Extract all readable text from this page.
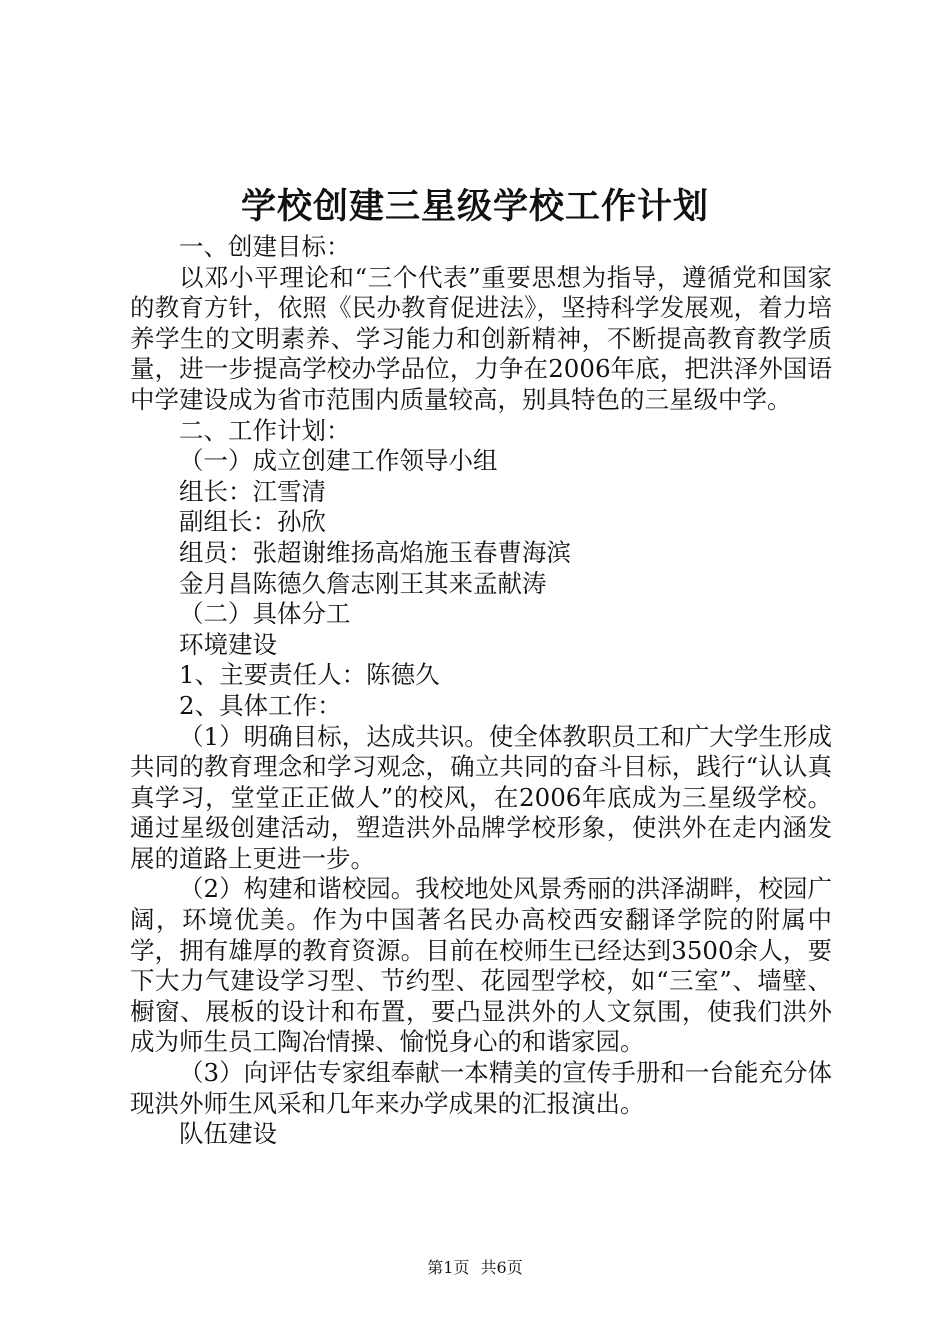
学校创建三星级学校工作计划

一、创建目标：

以邓小平理论和“三个代表”重要思想为指导，遵循党和国家的教育方针，依照《民办教育促进法》，坚持科学发展观，着力培养学生的文明素养、学习能力和创新精神，不断提高教育教学质量，进一步提高学校办学品位，力争在2006年底，把洪泽外国语中学建设成为省市范围内质量较高，别具特色的三星级中学。

二、工作计划：

（一）成立创建工作领导小组

组长：江雪清

副组长：孙欣

组员：张超谢维扬高焰施玉春曹海滨

金月昌陈德久詹志刚王其来孟献涛

（二）具体分工

环境建设

1、主要责任人：陈德久

2、具体工作：

（1）明确目标，达成共识。使全体教职员工和广大学生形成共同的教育理念和学习观念，确立共同的奋斗目标，践行“认认真真学习，堂堂正正做人”的校风，在2006年底成为三星级学校。通过星级创建活动，塑造洪外品牌学校形象，使洪外在走内涵发展的道路上更进一步。

（2）构建和谐校园。我校地处风景秀丽的洪泽湖畔，校园广阔，环境优美。作为中国著名民办高校西安翻译学院的附属中学，拥有雄厚的教育资源。目前在校师生已经达到3500余人，要下大力气建设学习型、节约型、花园型学校，如“三室”、墙壁、橱窗、展板的设计和布置，要凸显洪外的人文氛围，使我们洪外成为师生员工陶冶情操、愉悦身心的和谐家园。

（3）向评估专家组奉献一本精美的宣传手册和一台能充分体现洪外师生风采和几年来办学成果的汇报演出。

队伍建设

第1页 共6页
